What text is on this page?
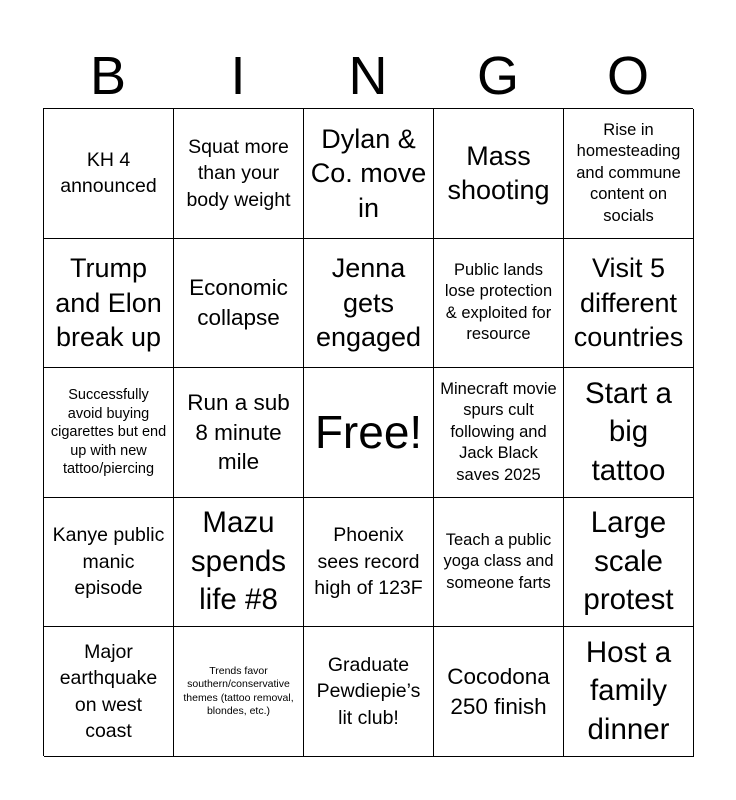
B	I	N	G	O
KH 4 announced
Squat more than your body weight
Dylan & Co. move in
Mass shooting
Rise in homesteading and commune content on socials
Trump and Elon break up
Economic collapse
Jenna gets engaged
Public lands lose protection & exploited for resource
Visit 5 different countries
Successfully avoid buying cigarettes but end up with new tattoo/piercing
Run a sub 8 minute mile
Free!
Minecraft movie spurs cult following and Jack Black saves 2025
Start a big tattoo
Kanye public manic episode
Mazu spends life #8
Phoenix sees record high of 123F
Teach a public yoga class and someone farts
Large scale protest
Major earthquake on west coast
Trends favor southern/conservative themes (tattoo removal, blondes, etc.)
Graduate Pewdiepie’s lit club!
Cocodona 250 finish
Host a family dinner
